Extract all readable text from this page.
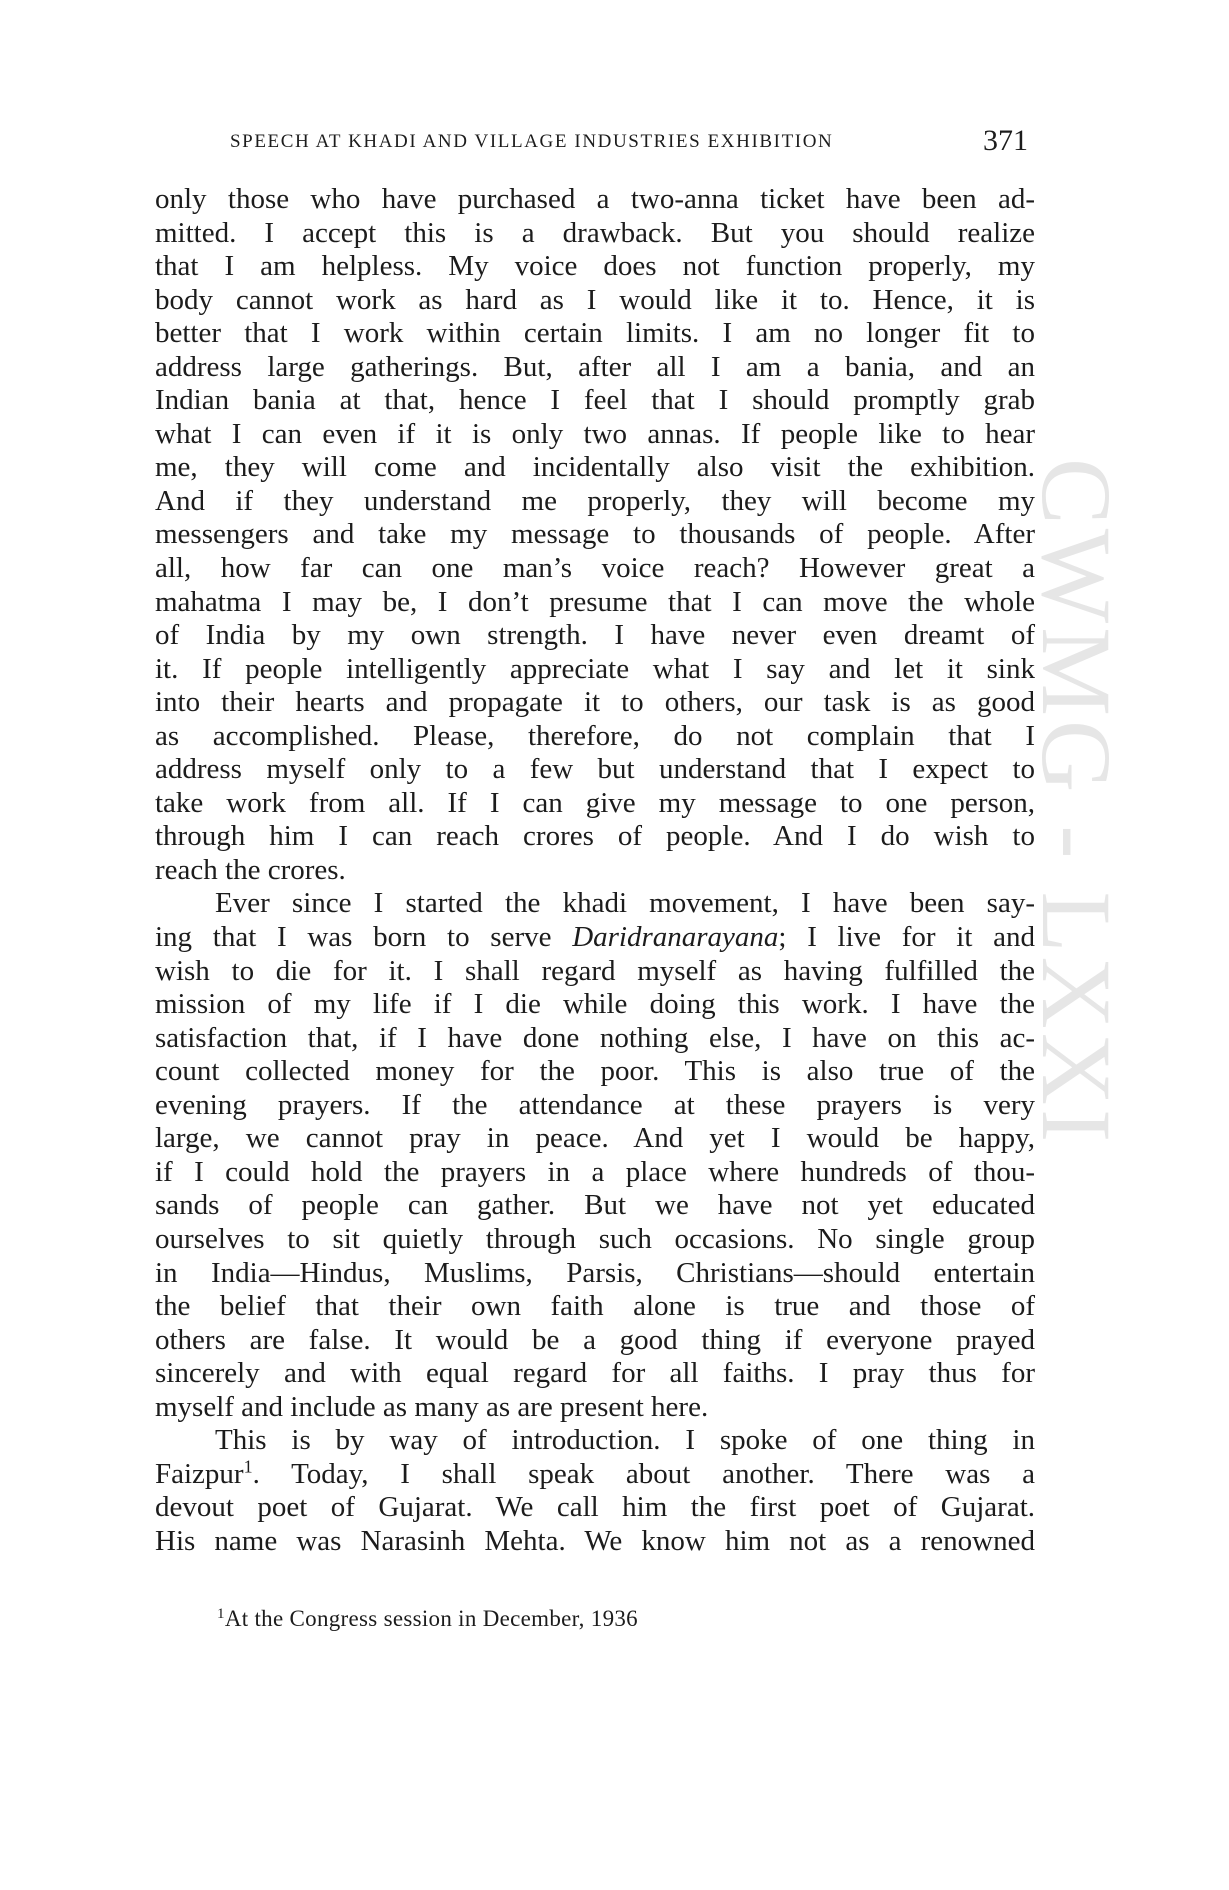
SPEECH AT KHADI AND VILLAGE INDUSTRIES EXHIBITION	371
CWMG - LXXI
only those who have purchased a two-anna ticket have been ad-
mitted. I accept this is a drawback. But you should realize
that I am helpless. My voice does not function properly, my
body cannot work as hard as I would like it to. Hence, it is
better that I work within certain limits. I am no longer fit to
address large gatherings. But, after all I am a bania, and an
Indian bania at that, hence I feel that I should promptly grab
what I can even if it is only two annas. If people like to hear
me, they will come and incidentally also visit the exhibition.
And if they understand me properly, they will become my
messengers and take my message to thousands of people. After
all, how far can one man’s voice reach? However great a
mahatma I may be, I don’t presume that I can move the whole
of India by my own strength. I have never even dreamt of
it. If people intelligently appreciate what I say and let it sink
into their hearts and propagate it to others, our task is as good
as accomplished. Please, therefore, do not complain that I
address myself only to a few but understand that I expect to
take work from all. If I can give my message to one person,
through him I can reach crores of people. And I do wish to
reach the crores.
Ever since I started the khadi movement, I have been say-
ing that I was born to serve Daridranarayana; I live for it and
wish to die for it. I shall regard myself as having fulfilled the
mission of my life if I die while doing this work. I have the
satisfaction that, if I have done nothing else, I have on this ac-
count collected money for the poor. This is also true of the
evening prayers. If the attendance at these prayers is very
large, we cannot pray in peace. And yet I would be happy,
if I could hold the prayers in a place where hundreds of thou-
sands of people can gather. But we have not yet educated
ourselves to sit quietly through such occasions. No single group
in India—Hindus, Muslims, Parsis, Christians—should entertain
the belief that their own faith alone is true and those of
others are false. It would be a good thing if everyone prayed
sincerely and with equal regard for all faiths. I pray thus for
myself and include as many as are present here.
This is by way of introduction. I spoke of one thing in
Faizpur$^1$. Today, I shall speak about another. There was a
devout poet of Gujarat. We call him the first poet of Gujarat.
His name was Narasinh Mehta. We know him not as a renowned
$^1$At the Congress session in December, 1936
